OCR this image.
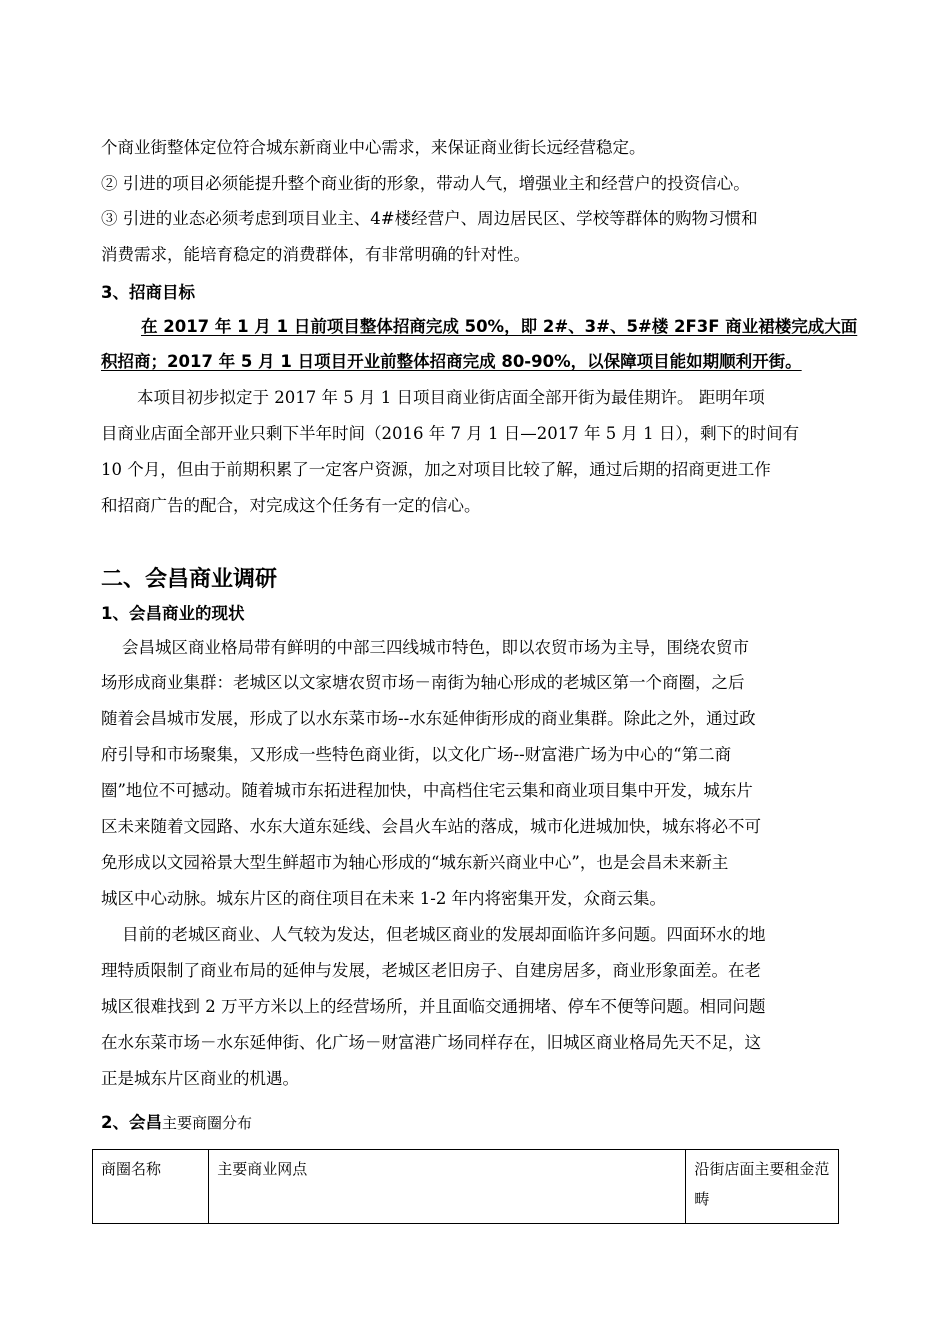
个商业街整体定位符合城东新商业中心需求，来保证商业街长远经营稳定。
② 引进的项目必须能提升整个商业街的形象，带动人气，增强业主和经营户的投资信心。
③ 引进的业态必须考虑到项目业主、4#楼经营户、周边居民区、学校等群体的购物习惯和
消费需求，能培育稳定的消费群体，有非常明确的针对性。
3、招商目标
在 2017 年 1 月 1 日前项目整体招商完成 50%，即 2#、3#、5#楼 2F3F 商业裙楼完成大面
积招商；2017 年 5 月 1 日项目开业前整体招商完成 80-90%，以保障项目能如期顺利开街。
本项目初步拟定于 2017 年 5 月 1 日项目商业街店面全部开街为最佳期许。 距明年项
目商业店面全部开业只剩下半年时间（2016 年 7 月 1 日—2017 年 5 月 1 日），剩下的时间有
10 个月，但由于前期积累了一定客户资源，加之对项目比较了解，通过后期的招商更进工作
和招商广告的配合，对完成这个任务有一定的信心。
二、会昌商业调研
1、会昌商业的现状
会昌城区商业格局带有鲜明的中部三四线城市特色，即以农贸市场为主导，围绕农贸市
场形成商业集群：老城区以文家塘农贸市场－南街为轴心形成的老城区第一个商圈，之后
随着会昌城市发展，形成了以水东菜市场--水东延伸街形成的商业集群。除此之外，通过政
府引导和市场聚集，又形成一些特色商业街，以文化广场--财富港广场为中心的“第二商
圈”地位不可撼动。随着城市东拓进程加快，中高档住宅云集和商业项目集中开发，城东片
区未来随着文园路、水东大道东延线、会昌火车站的落成，城市化进城加快，城东将必不可
免形成以文园裕景大型生鲜超市为轴心形成的“城东新兴商业中心”，也是会昌未来新主
城区中心动脉。城东片区的商住项目在未来 1-2 年内将密集开发，众商云集。
目前的老城区商业、人气较为发达，但老城区商业的发展却面临许多问题。四面环水的地
理特质限制了商业布局的延伸与发展，老城区老旧房子、自建房居多，商业形象面差。在老
城区很难找到 2 万平方米以上的经营场所，并且面临交通拥堵、停车不便等问题。相同问题
在水东菜市场－水东延伸街、化广场－财富港广场同样存在，旧城区商业格局先天不足，这
正是城东片区商业的机遇。
2、会昌主要商圈分布
商圈名称	主要商业网点	沿街店面主要租金范畴
